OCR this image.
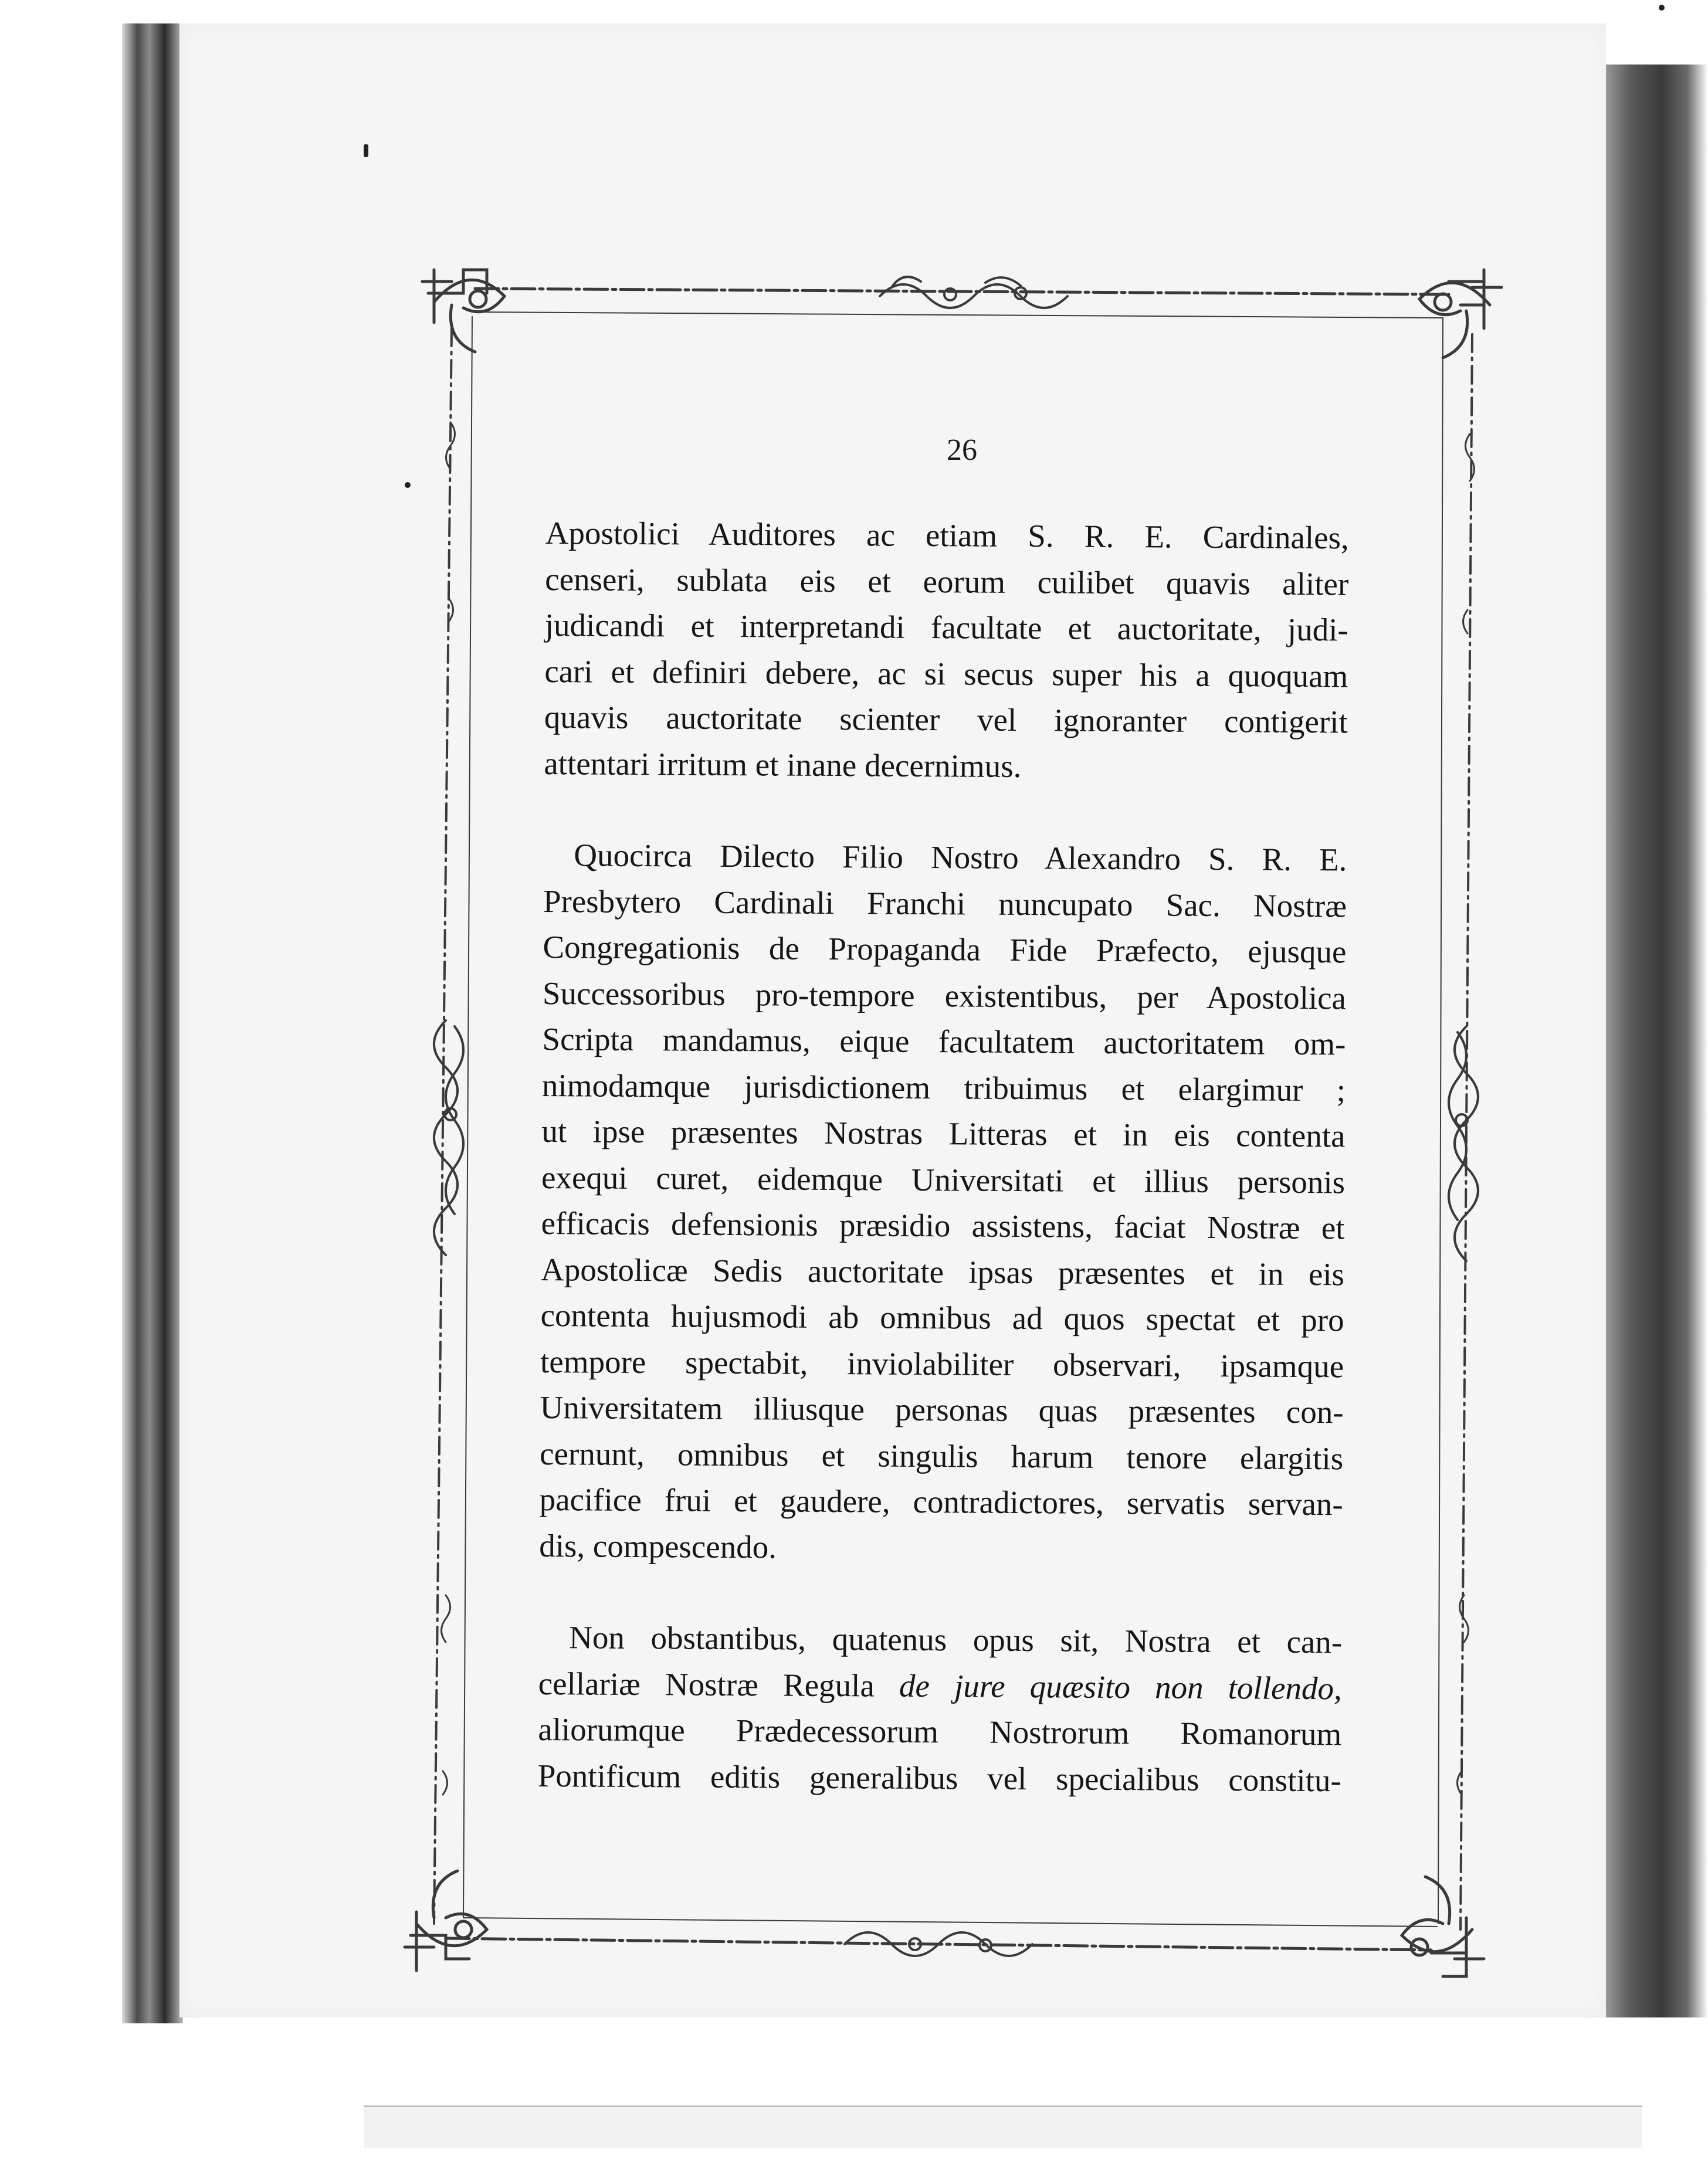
26

Apostolici Auditores ac etiam S. R. E. Cardinales,
censeri, sublata eis et eorum cuilibet quavis aliter
judicandi et interpretandi facultate et auctoritate, judi-
cari et definiri debere, ac si secus super his a quoquam
quavis auctoritate scienter vel ignoranter contigerit
attentari irritum et inane decernimus.

Quocirca Dilecto Filio Nostro Alexandro S. R. E.
Presbytero Cardinali Franchi nuncupato Sac. Nostræ
Congregationis de Propaganda Fide Præfecto, ejusque
Successoribus pro-tempore existentibus, per Apostolica
Scripta mandamus, eique facultatem auctoritatem om-
nimodamque jurisdictionem tribuimus et elargimur ;
ut ipse præsentes Nostras Litteras et in eis contenta
exequi curet, eidemque Universitati et illius personis
efficacis defensionis præsidio assistens, faciat Nostræ et
Apostolicæ Sedis auctoritate ipsas præsentes et in eis
contenta hujusmodi ab omnibus ad quos spectat et pro
tempore spectabit, inviolabiliter observari, ipsamque
Universitatem illiusque personas quas præsentes con-
cernunt, omnibus et singulis harum tenore elargitis
pacifice frui et gaudere, contradictores, servatis servan-
dis, compescendo.

Non obstantibus, quatenus opus sit, Nostra et can-
cellariæ Nostræ Regula de jure quæsito non tollendo,
aliorumque Prædecessorum Nostrorum Romanorum
Pontificum editis generalibus vel specialibus constitu-
